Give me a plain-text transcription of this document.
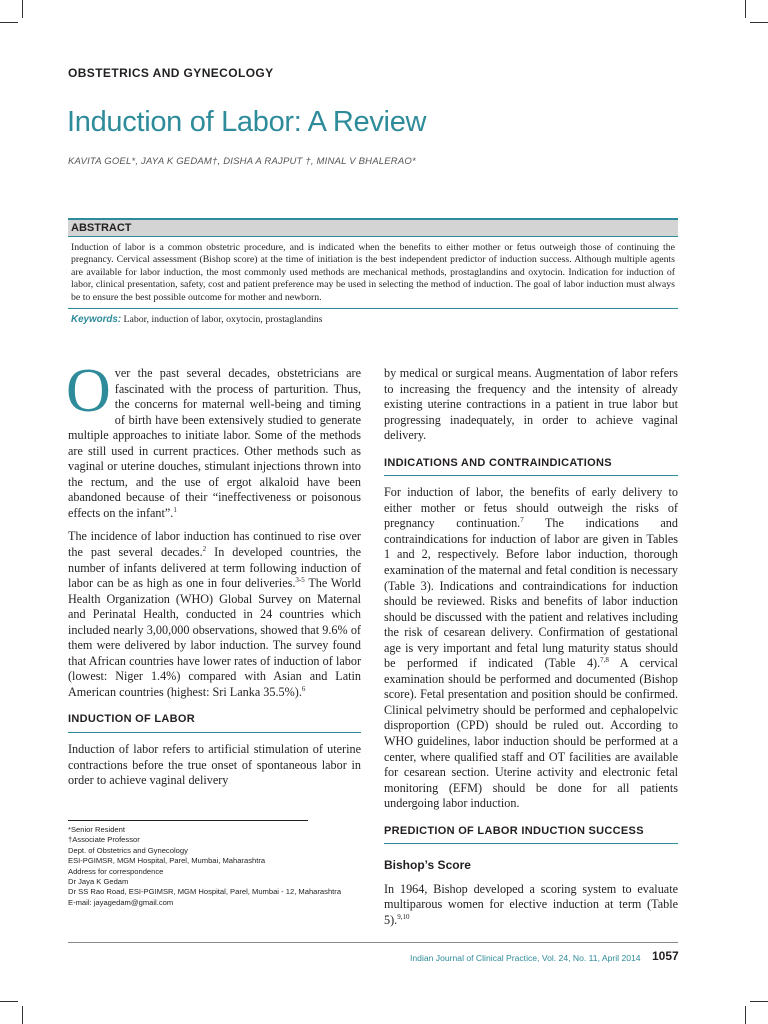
OBSTETRICS AND GYNECOLOGY
Induction of Labor: A Review
KAVITA GOEL*, JAYA K GEDAM†, DISHA A RAJPUT †, MINAL V BHALERAO*
ABSTRACT
Induction of labor is a common obstetric procedure, and is indicated when the benefits to either mother or fetus outweigh those of continuing the pregnancy. Cervical assessment (Bishop score) at the time of initiation is the best independent predictor of induction success. Although multiple agents are available for labor induction, the most commonly used methods are mechanical methods, prostaglandins and oxytocin. Indication for induction of labor, clinical presentation, safety, cost and patient preference may be used in selecting the method of induction. The goal of labor induction must always be to ensure the best possible outcome for mother and newborn.
Keywords: Labor, induction of labor, oxytocin, prostaglandins

Over the past several decades, obstetricians are fascinated with the process of parturition. Thus, the concerns for maternal well-being and timing of birth have been extensively studied to generate multiple approaches to initiate labor. Some of the methods are still used in current practices. Other methods such as vaginal or uterine douches, stimulant injections thrown into the rectum, and the use of ergot alkaloid have been abandoned because of their “ineffectiveness or poisonous effects on the infant”.$^1$

The incidence of labor induction has continued to rise over the past several decades.$^2$ In developed countries, the number of infants delivered at term following induction of labor can be as high as one in four deliveries.$^{3-5}$ The World Health Organization (WHO) Global Survey on Maternal and Perinatal Health, conducted in 24 countries which included nearly 3,00,000 observations, showed that 9.6% of them were delivered by labor induction. The survey found that African countries have lower rates of induction of labor (lowest: Niger 1.4%) compared with Asian and Latin American countries (highest: Sri Lanka 35.5%).$^6$

INDUCTION OF LABOR

Induction of labor refers to artificial stimulation of uterine contractions before the true onset of spontaneous labor in order to achieve vaginal delivery

by medical or surgical means. Augmentation of labor refers to increasing the frequency and the intensity of already existing uterine contractions in a patient in true labor but progressing inadequately, in order to achieve vaginal delivery.

INDICATIONS AND CONTRAINDICATIONS

For induction of labor, the benefits of early delivery to either mother or fetus should outweigh the risks of pregnancy continuation.$^7$ The indications and contraindications for induction of labor are given in Tables 1 and 2, respectively. Before labor induction, thorough examination of the maternal and fetal condition is necessary (Table 3). Indications and contraindications for induction should be reviewed. Risks and benefits of labor induction should be discussed with the patient and relatives including the risk of cesarean delivery. Confirmation of gestational age is very important and fetal lung maturity status should be performed if indicated (Table 4).$^{7,8}$ A cervical examination should be performed and documented (Bishop score). Fetal presentation and position should be confirmed. Clinical pelvimetry should be performed and cephalopelvic disproportion (CPD) should be ruled out. According to WHO guidelines, labor induction should be performed at a center, where qualified staff and OT facilities are available for cesarean section. Uterine activity and electronic fetal monitoring (EFM) should be done for all patients undergoing labor induction.

PREDICTION OF LABOR INDUCTION SUCCESS
Bishop’s Score

In 1964, Bishop developed a scoring system to evaluate multiparous women for elective induction at term (Table 5).$^{9,10}$

*Senior Resident
†Associate Professor
Dept. of Obstetrics and Gynecology
ESI-PGIMSR, MGM Hospital, Parel, Mumbai, Maharashtra
Address for correspondence
Dr Jaya K Gedam
Dr SS Rao Road, ESI-PGIMSR, MGM Hospital, Parel, Mumbai - 12, Maharashtra
E-mail: jayagedam@gmail.com
Indian Journal of Clinical Practice, Vol. 24, No. 11, April 2014 1057
